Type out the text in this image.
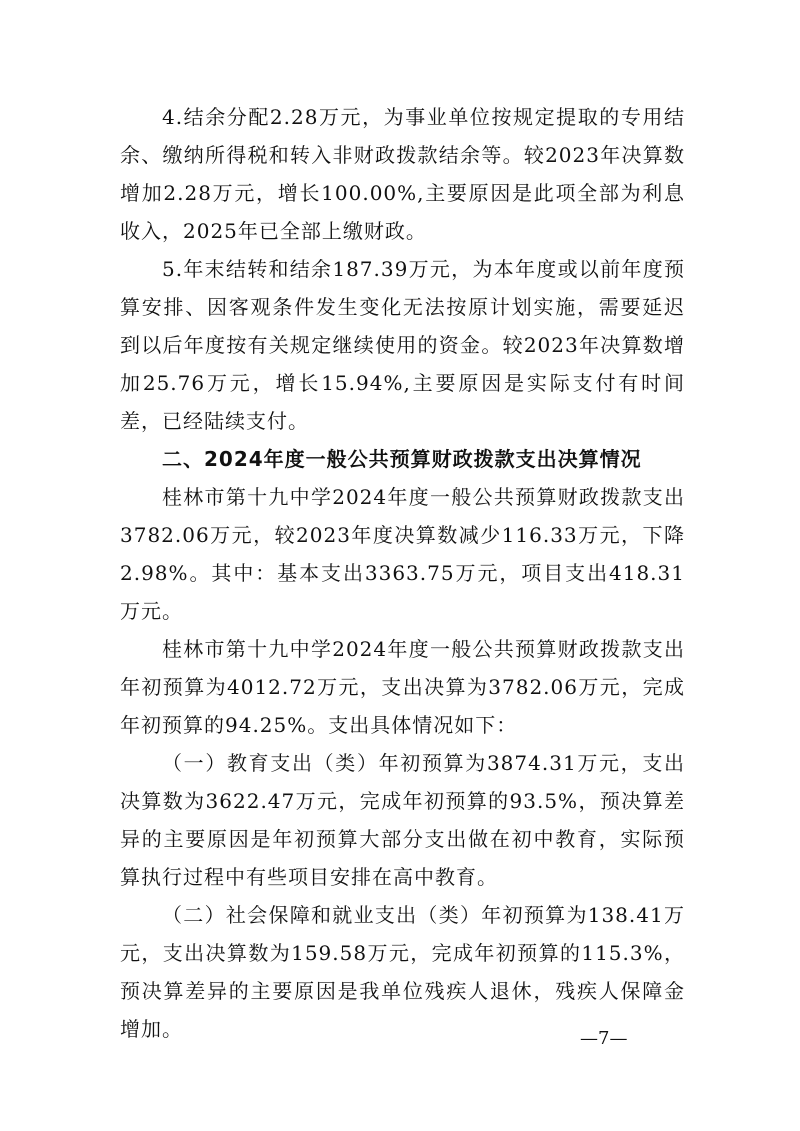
4.结余分配2.28万元，为事业单位按规定提取的专用结余、缴纳所得税和转入非财政拨款结余等。较2023年决算数增加2.28万元，增长100.00%,主要原因是此项全部为利息收入，2025年已全部上缴财政。

5.年末结转和结余187.39万元，为本年度或以前年度预算安排、因客观条件发生变化无法按原计划实施，需要延迟到以后年度按有关规定继续使用的资金。较2023年决算数增加25.76万元，增长15.94%,主要原因是实际支付有时间差，已经陆续支付。

二、2024年度一般公共预算财政拨款支出决算情况

桂林市第十九中学2024年度一般公共预算财政拨款支出 3782.06万元，较2023年度决算数减少116.33万元，下降2.98%。其中：基本支出3363.75万元，项目支出418.31万元。

桂林市第十九中学2024年度一般公共预算财政拨款支出年初预算为4012.72万元，支出决算为3782.06万元，完成年初预算的94.25%。支出具体情况如下：

（一）教育支出（类）年初预算为3874.31万元，支出决算数为3622.47万元，完成年初预算的93.5%，预决算差异的主要原因是年初预算大部分支出做在初中教育，实际预算执行过程中有些项目安排在高中教育。

（二）社会保障和就业支出（类）年初预算为138.41万元，支出决算数为159.58万元，完成年初预算的115.3%，预决算差异的主要原因是我单位残疾人退休，残疾人保障金增加。	—7—
